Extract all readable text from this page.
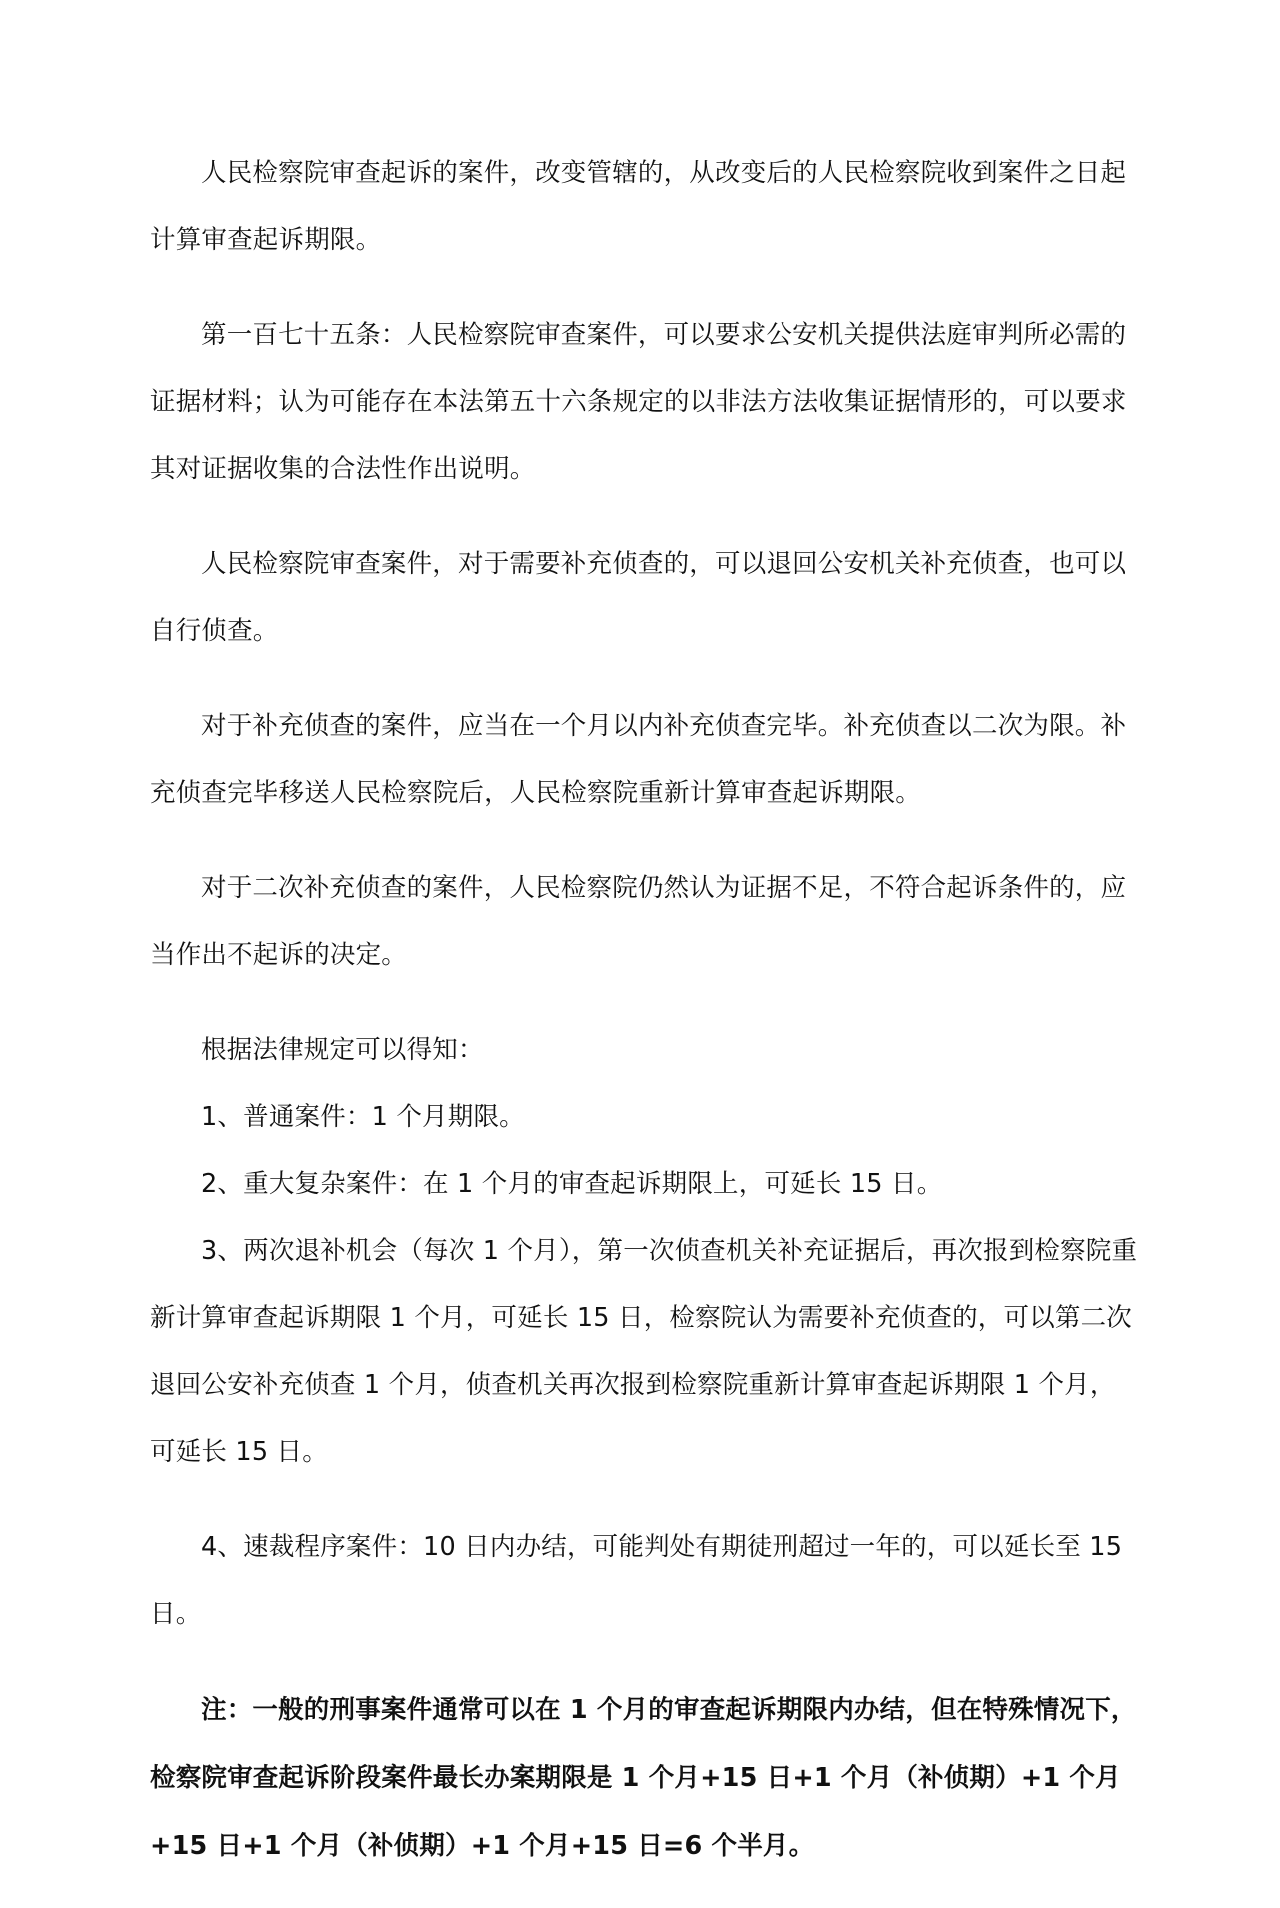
人民检察院审查起诉的案件，改变管辖的，从改变后的人民检察院收到案件之日起计算审查起诉期限。

第一百七十五条：人民检察院审查案件，可以要求公安机关提供法庭审判所必需的证据材料；认为可能存在本法第五十六条规定的以非法方法收集证据情形的，可以要求其对证据收集的合法性作出说明。

人民检察院审查案件，对于需要补充侦查的，可以退回公安机关补充侦查，也可以自行侦查。

对于补充侦查的案件，应当在一个月以内补充侦查完毕。补充侦查以二次为限。补充侦查完毕移送人民检察院后，人民检察院重新计算审查起诉期限。

对于二次补充侦查的案件，人民检察院仍然认为证据不足，不符合起诉条件的，应当作出不起诉的决定。

根据法律规定可以得知：

1、普通案件：1 个月期限。

2、重大复杂案件：在 1 个月的审查起诉期限上，可延长 15 日。

3、两次退补机会（每次 1 个月），第一次侦查机关补充证据后，再次报到检察院重新计算审查起诉期限 1 个月，可延长 15 日，检察院认为需要补充侦查的，可以第二次退回公安补充侦查 1 个月，侦查机关再次报到检察院重新计算审查起诉期限 1 个月，可延长 15 日。

4、速裁程序案件：10 日内办结，可能判处有期徒刑超过一年的，可以延长至 15 日。

注：一般的刑事案件通常可以在 1 个月的审查起诉期限内办结，但在特殊情况下，检察院审查起诉阶段案件最长办案期限是 1 个月+15 日+1 个月（补侦期）+1 个月+15 日+1 个月（补侦期）+1 个月+15 日=6 个半月。
